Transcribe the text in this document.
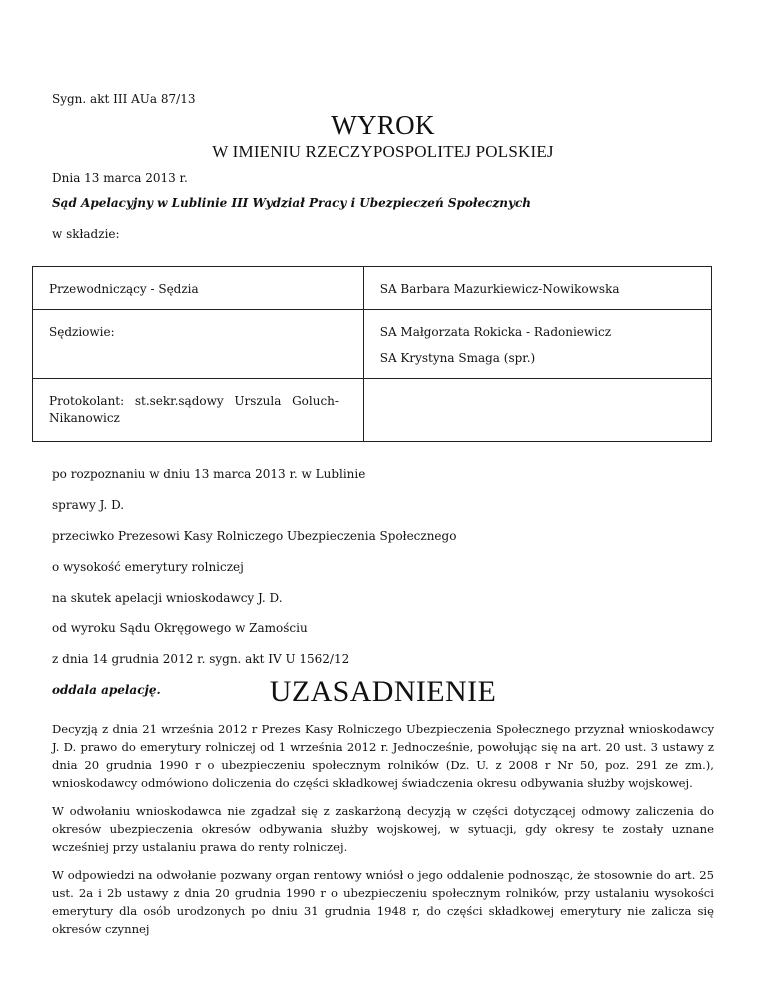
Sygn. akt III AUa 87/13
WYROK
W IMIENIU RZECZYPOSPOLITEJ POLSKIEJ
Dnia 13 marca 2013 r.
Sąd Apelacyjny w Lublinie III Wydział Pracy i Ubezpieczeń Społecznych
w składzie:
Przewodniczący - Sędzia	SA Barbara Mazurkiewicz-Nowikowska

Sędziowie:	SA Małgorzata Rokicka - Radoniewicz
SA Krystyna Smaga (spr.)

Protokolant: st.sekr.sądowy Urszula Goluch-
Nikanowicz	

po rozpoznaniu w dniu 13 marca 2013 r. w Lublinie
sprawy J. D.
przeciwko Prezesowi Kasy Rolniczego Ubezpieczenia Społecznego
o wysokość emerytury rolniczej
na skutek apelacji wnioskodawcy J. D.
od wyroku Sądu Okręgowego w Zamościu
z dnia 14 grudnia 2012 r. sygn. akt IV U 1562/12
oddala apelację.	UZASADNIENIE
Decyzją z dnia 21 września 2012 r Prezes Kasy Rolniczego Ubezpieczenia Społecznego przyznał wnioskodawcy J. D. prawo do emerytury rolniczej od 1 września 2012 r. Jednocześnie, powołując się na art. 20 ust. 3 ustawy z dnia 20 grudnia 1990 r o ubezpieczeniu społecznym rolników (Dz. U. z 2008 r Nr 50, poz. 291 ze zm.), wnioskodawcy odmówiono doliczenia do części składkowej świadczenia okresu odbywania służby wojskowej.
W odwołaniu wnioskodawca nie zgadzał się z zaskarżoną decyzją w części dotyczącej odmowy zaliczenia do okresów ubezpieczenia okresów odbywania służby wojskowej, w sytuacji, gdy okresy te zostały uznane wcześniej przy ustalaniu prawa do renty rolniczej.
W odpowiedzi na odwołanie pozwany organ rentowy wniósł o jego oddalenie podnosząc, że stosownie do art. 25 ust. 2a i 2b ustawy z dnia 20 grudnia 1990 r o ubezpieczeniu społecznym rolników, przy ustalaniu wysokości emerytury dla osób urodzonych po dniu 31 grudnia 1948 r, do części składkowej emerytury nie zalicza się okresów czynnej
